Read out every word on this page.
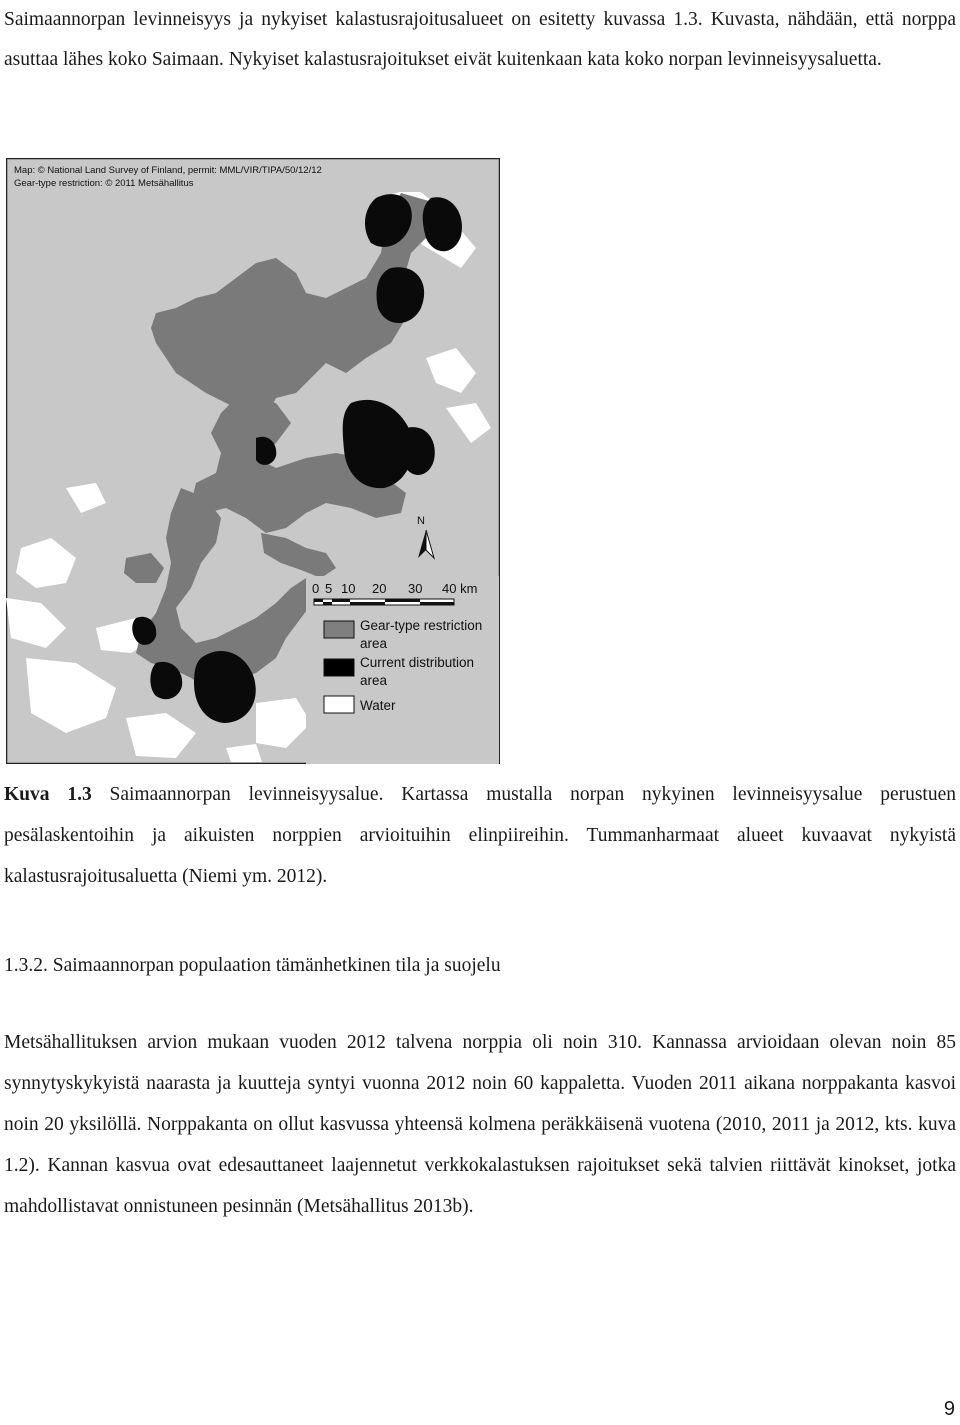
Saimaannorpan levinneisyys ja nykyiset kalastusrajoitusalueet on esitetty kuvassa 1.3. Kuvasta, nähdään, että norppa asuttaa lähes koko Saimaan. Nykyiset kalastusrajoitukset eivät kuitenkaan kata koko norpan levinneisyysaluetta.
Map: © National Land Survey of Finland, permit: MML/VIR/TIPA/50/12/12
Gear-type restriction: © 2011 Metsähallitus
N
0 5 10 20 30 40 km
Gear-type restriction
area
Current distribution
area
Water
Kuva 1.3 Saimaannorpan levinneisyysalue. Kartassa mustalla norpan nykyinen levinneisyysalue perustuen pesälaskentoihin ja aikuisten norppien arvioituihin elinpiireihin. Tummanharmaat alueet kuvaavat nykyistä kalastusrajoitusaluetta (Niemi ym. 2012).
1.3.2. Saimaannorpan populaation tämänhetkinen tila ja suojelu
Metsähallituksen arvion mukaan vuoden 2012 talvena norppia oli noin 310. Kannassa arvioidaan olevan noin 85 synnytyskykyistä naarasta ja kuutteja syntyi vuonna 2012 noin 60 kappaletta. Vuoden 2011 aikana norppakanta kasvoi noin 20 yksilöllä. Norppakanta on ollut kasvussa yhteensä kolmena peräkkäisenä vuotena (2010, 2011 ja 2012, kts. kuva 1.2). Kannan kasvua ovat edesauttaneet laajennetut verkkokalastuksen rajoitukset sekä talvien riittävät kinokset, jotka mahdollistavat onnistuneen pesinnän (Metsähallitus 2013b).
9
